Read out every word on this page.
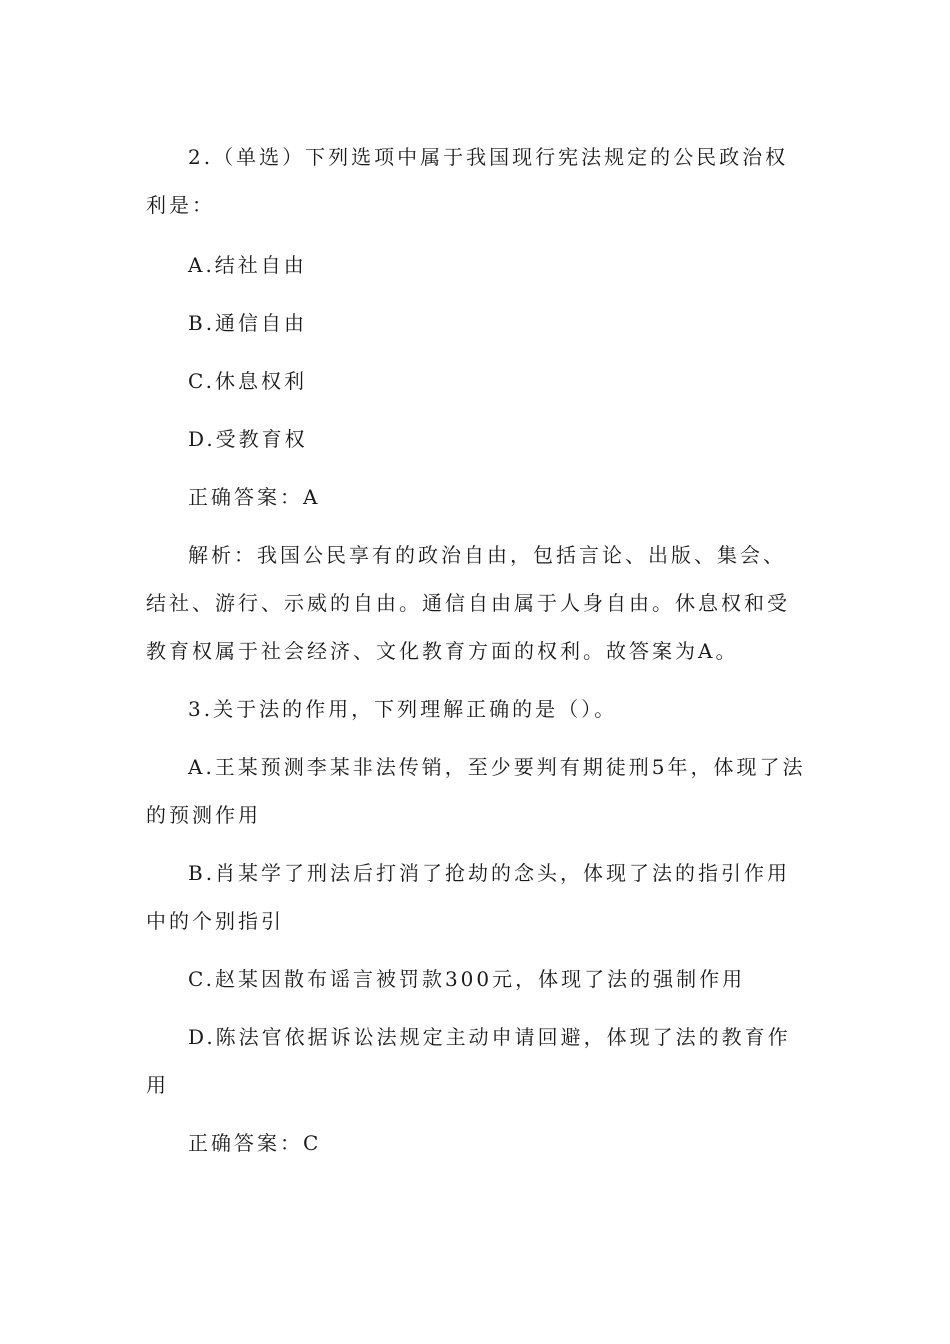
2.（单选）下列选项中属于我国现行宪法规定的公民政治权利是：

A.结社自由

B.通信自由

C.休息权利

D.受教育权

正确答案：A

解析：我国公民享有的政治自由，包括言论、出版、集会、结社、游行、示威的自由。通信自由属于人身自由。休息权和受教育权属于社会经济、文化教育方面的权利。故答案为A。

3.关于法的作用，下列理解正确的是（）。

A.王某预测李某非法传销，至少要判有期徒刑5年，体现了法的预测作用

B.肖某学了刑法后打消了抢劫的念头，体现了法的指引作用中的个别指引

C.赵某因散布谣言被罚款300元，体现了法的强制作用

D.陈法官依据诉讼法规定主动申请回避，体现了法的教育作用

正确答案：C
